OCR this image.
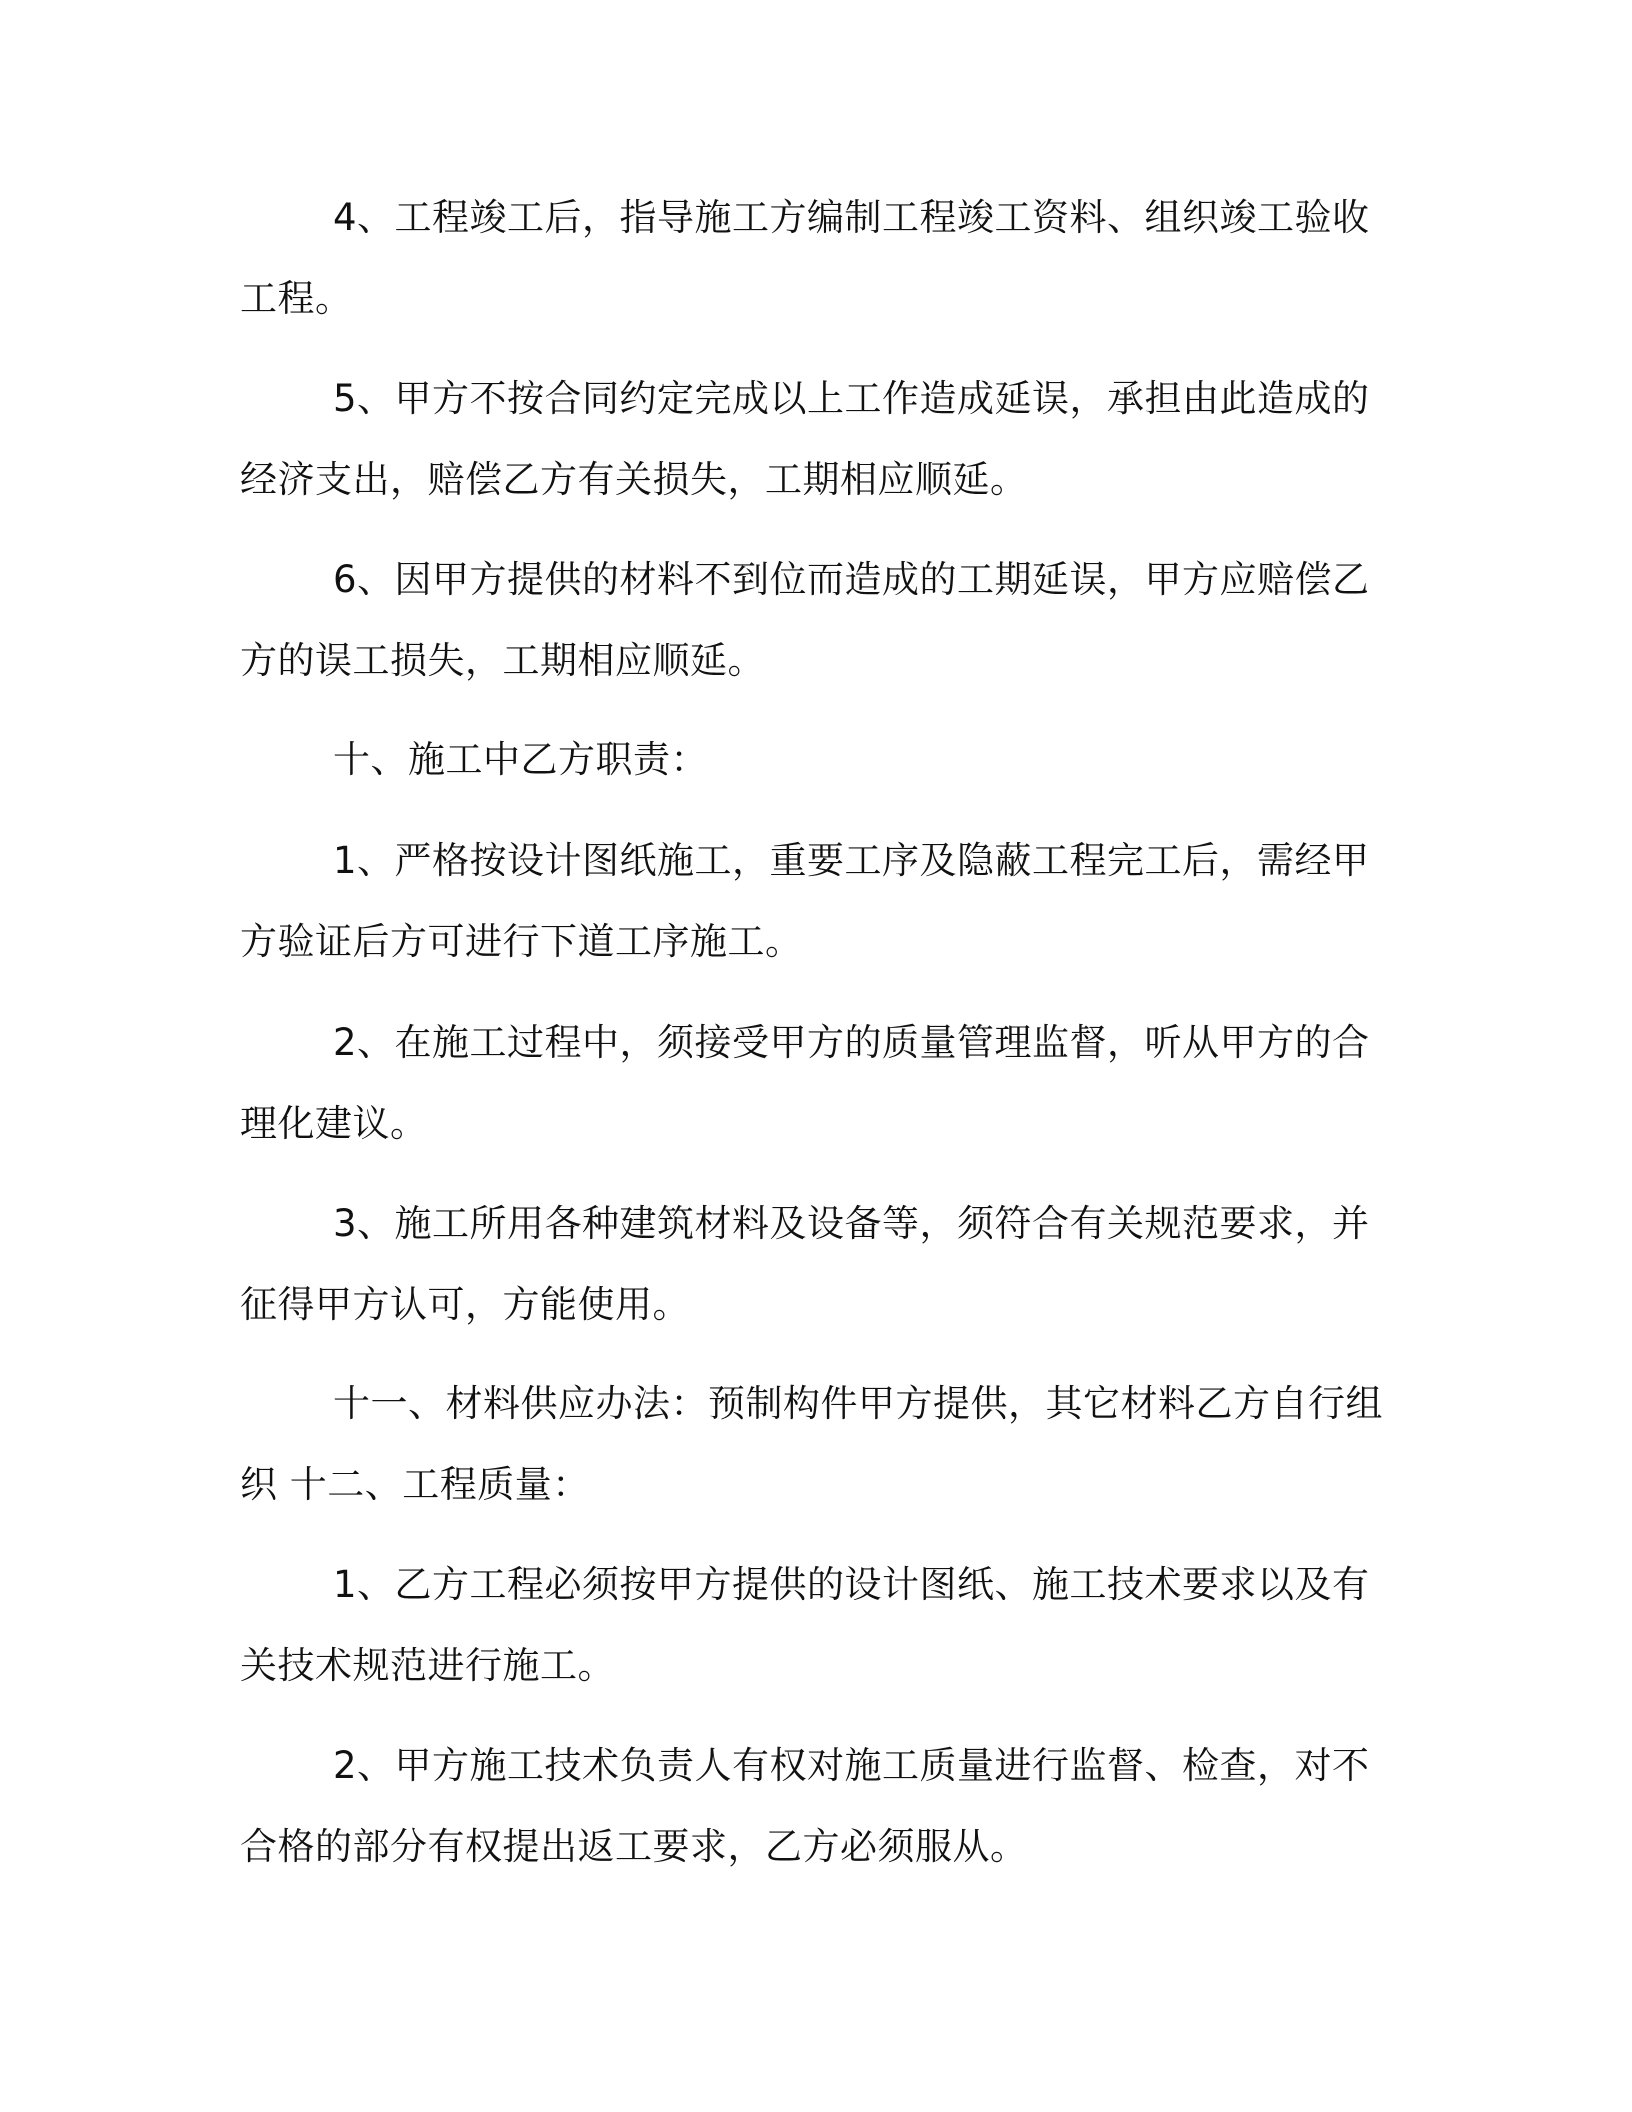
4、工程竣工后，指导施工方编制工程竣工资料、组织竣工验收
工程。
5、甲方不按合同约定完成以上工作造成延误，承担由此造成的
经济支出，赔偿乙方有关损失，工期相应顺延。
6、因甲方提供的材料不到位而造成的工期延误，甲方应赔偿乙
方的误工损失，工期相应顺延。
十、施工中乙方职责：
1、严格按设计图纸施工，重要工序及隐蔽工程完工后，需经甲
方验证后方可进行下道工序施工。
2、在施工过程中，须接受甲方的质量管理监督，听从甲方的合
理化建议。
3、施工所用各种建筑材料及设备等，须符合有关规范要求，并
征得甲方认可，方能使用。
十一、材料供应办法：预制构件甲方提供，其它材料乙方自行组
织 十二、工程质量：
1、乙方工程必须按甲方提供的设计图纸、施工技术要求以及有
关技术规范进行施工。
2、甲方施工技术负责人有权对施工质量进行监督、检查，对不
合格的部分有权提出返工要求，乙方必须服从。
